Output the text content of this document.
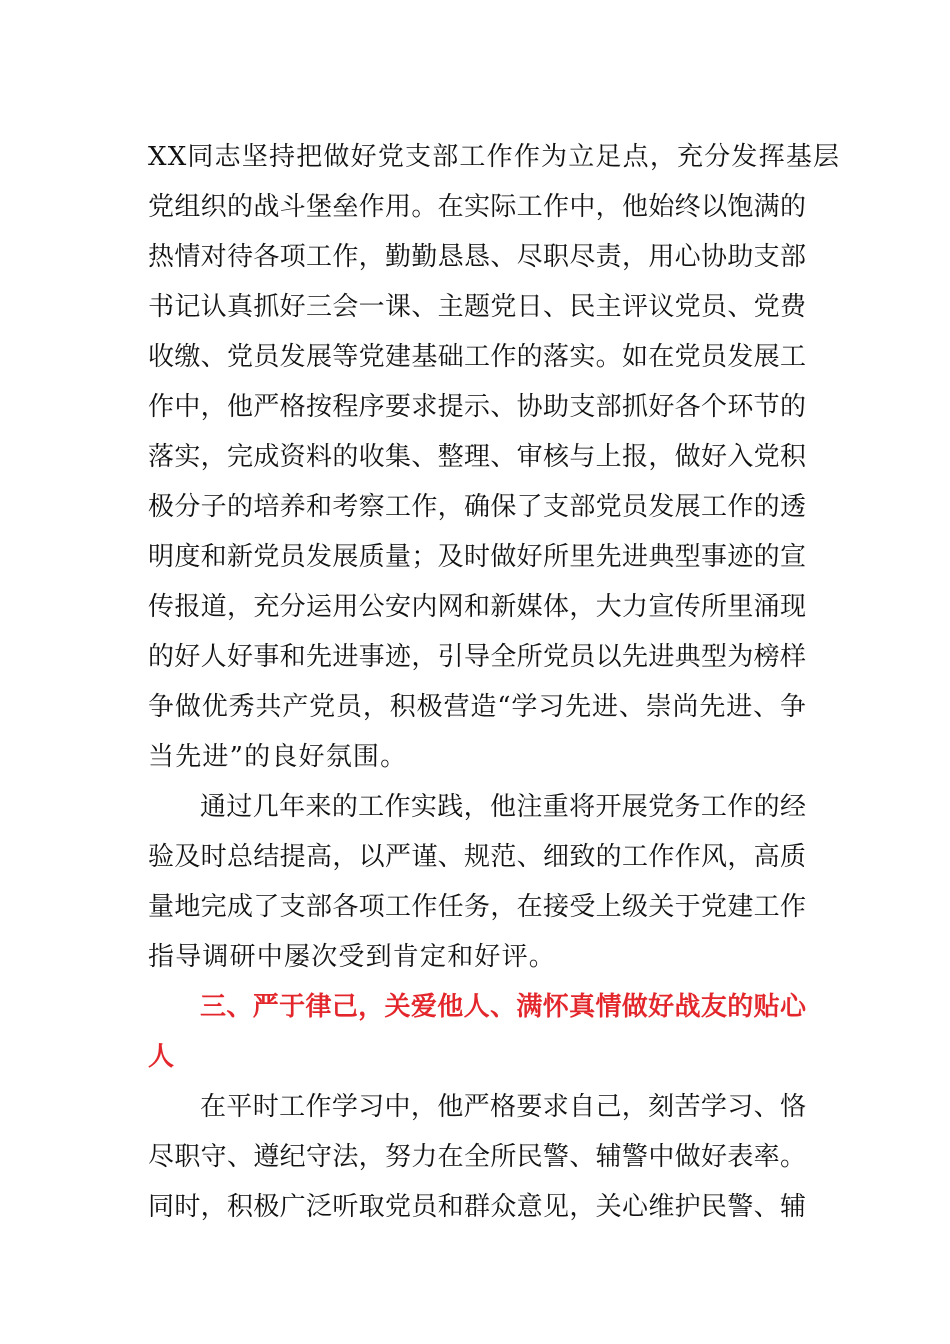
XX同志坚持把做好党支部工作作为立足点，充分发挥基层
党组织的战斗堡垒作用。在实际工作中，他始终以饱满的
热情对待各项工作，勤勤恳恳、尽职尽责，用心协助支部
书记认真抓好三会一课、主题党日、民主评议党员、党费
收缴、党员发展等党建基础工作的落实。如在党员发展工
作中，他严格按程序要求提示、协助支部抓好各个环节的
落实，完成资料的收集、整理、审核与上报，做好入党积
极分子的培养和考察工作，确保了支部党员发展工作的透
明度和新党员发展质量；及时做好所里先进典型事迹的宣
传报道，充分运用公安内网和新媒体，大力宣传所里涌现
的好人好事和先进事迹，引导全所党员以先进典型为榜样
争做优秀共产党员，积极营造“学习先进、崇尚先进、争
当先进”的良好氛围。
通过几年来的工作实践，他注重将开展党务工作的经
验及时总结提高，以严谨、规范、细致的工作作风，高质
量地完成了支部各项工作任务，在接受上级关于党建工作
指导调研中屡次受到肯定和好评。
三、严于律己，关爱他人、满怀真情做好战友的贴心
人
在平时工作学习中，他严格要求自己，刻苦学习、恪
尽职守、遵纪守法，努力在全所民警、辅警中做好表率。
同时，积极广泛听取党员和群众意见，关心维护民警、辅
